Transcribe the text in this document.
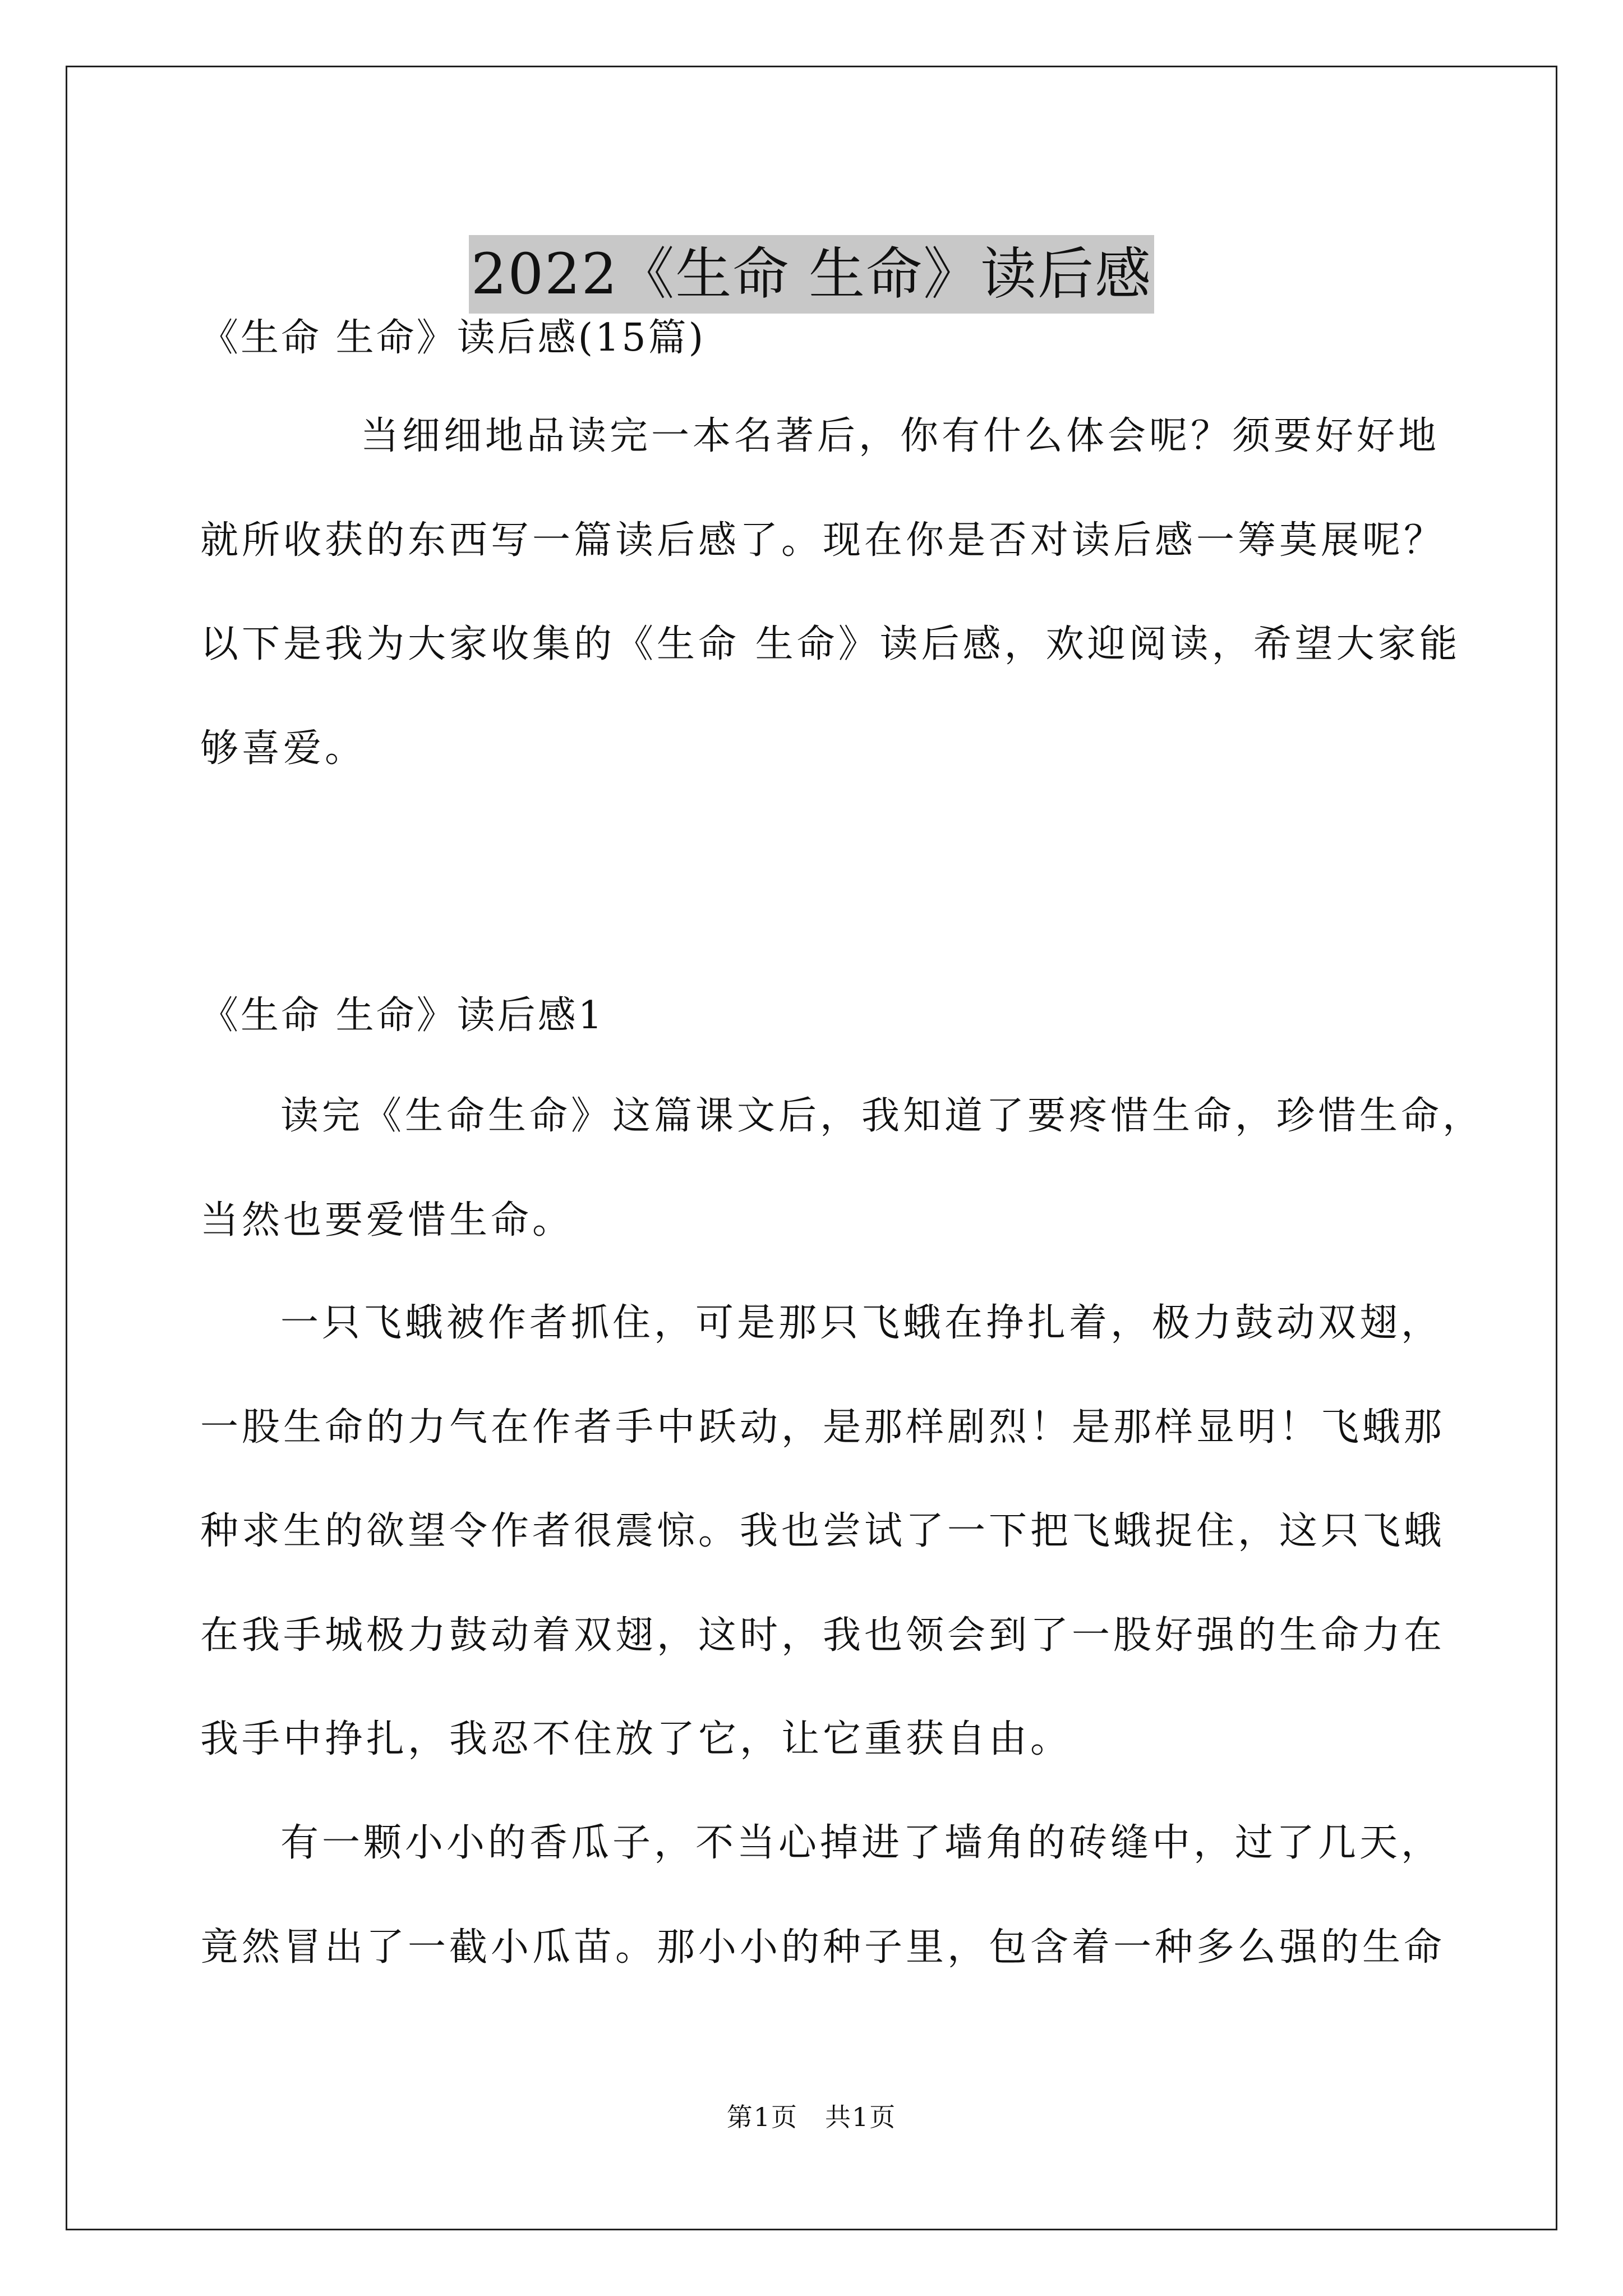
2022《生命 生命》读后感
《生命 生命》读后感(15篇)
当细细地品读完一本名著后，你有什么体会呢？须要好好地
就所收获的东西写一篇读后感了。现在你是否对读后感一筹莫展呢？
以下是我为大家收集的《生命 生命》读后感，欢迎阅读，希望大家能
够喜爱。
《生命 生命》读后感1
读完《生命生命》这篇课文后，我知道了要疼惜生命，珍惜生命，
当然也要爱惜生命。
一只飞蛾被作者抓住，可是那只飞蛾在挣扎着，极力鼓动双翅，
一股生命的力气在作者手中跃动，是那样剧烈！是那样显明！飞蛾那
种求生的欲望令作者很震惊。我也尝试了一下把飞蛾捉住，这只飞蛾
在我手城极力鼓动着双翅，这时，我也领会到了一股好强的生命力在
我手中挣扎，我忍不住放了它，让它重获自由。
有一颗小小的香瓜子，不当心掉进了墙角的砖缝中，过了几天，
竟然冒出了一截小瓜苗。那小小的种子里，包含着一种多么强的生命
第1页　共1页
